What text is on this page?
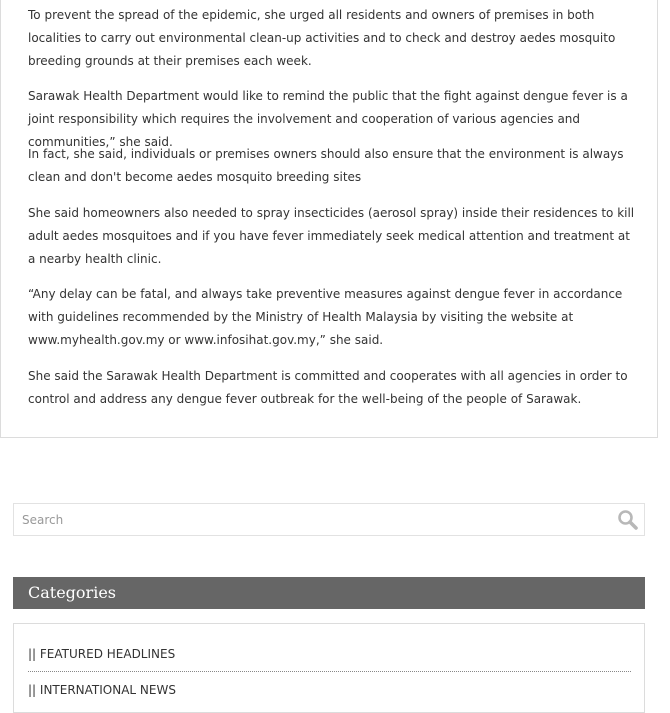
To prevent the spread of the epidemic, she urged all residents and owners of premises in both localities to carry out environmental clean-up activities and to check and destroy aedes mosquito breeding grounds at their premises each week.

Sarawak Health Department would like to remind the public that the fight against dengue fever is a joint responsibility which requires the involvement and cooperation of various agencies and communities,” she said.

In fact, she said, individuals or premises owners should also ensure that the environment is always clean and don't become aedes mosquito breeding sites

She said homeowners also needed to spray insecticides (aerosol spray) inside their residences to kill adult aedes mosquitoes and if you have fever immediately seek medical attention and treatment at a nearby health clinic.

“Any delay can be fatal, and always take preventive measures against dengue fever in accordance with guidelines recommended by the Ministry of Health Malaysia by visiting the website at www.myhealth.gov.my or www.infosihat.gov.my,” she said.

She said the Sarawak Health Department is committed and cooperates with all agencies in order to control and address any dengue fever outbreak for the well-being of the people of Sarawak.

Search
Categories
|| FEATURED HEADLINES
|| INTERNATIONAL NEWS
